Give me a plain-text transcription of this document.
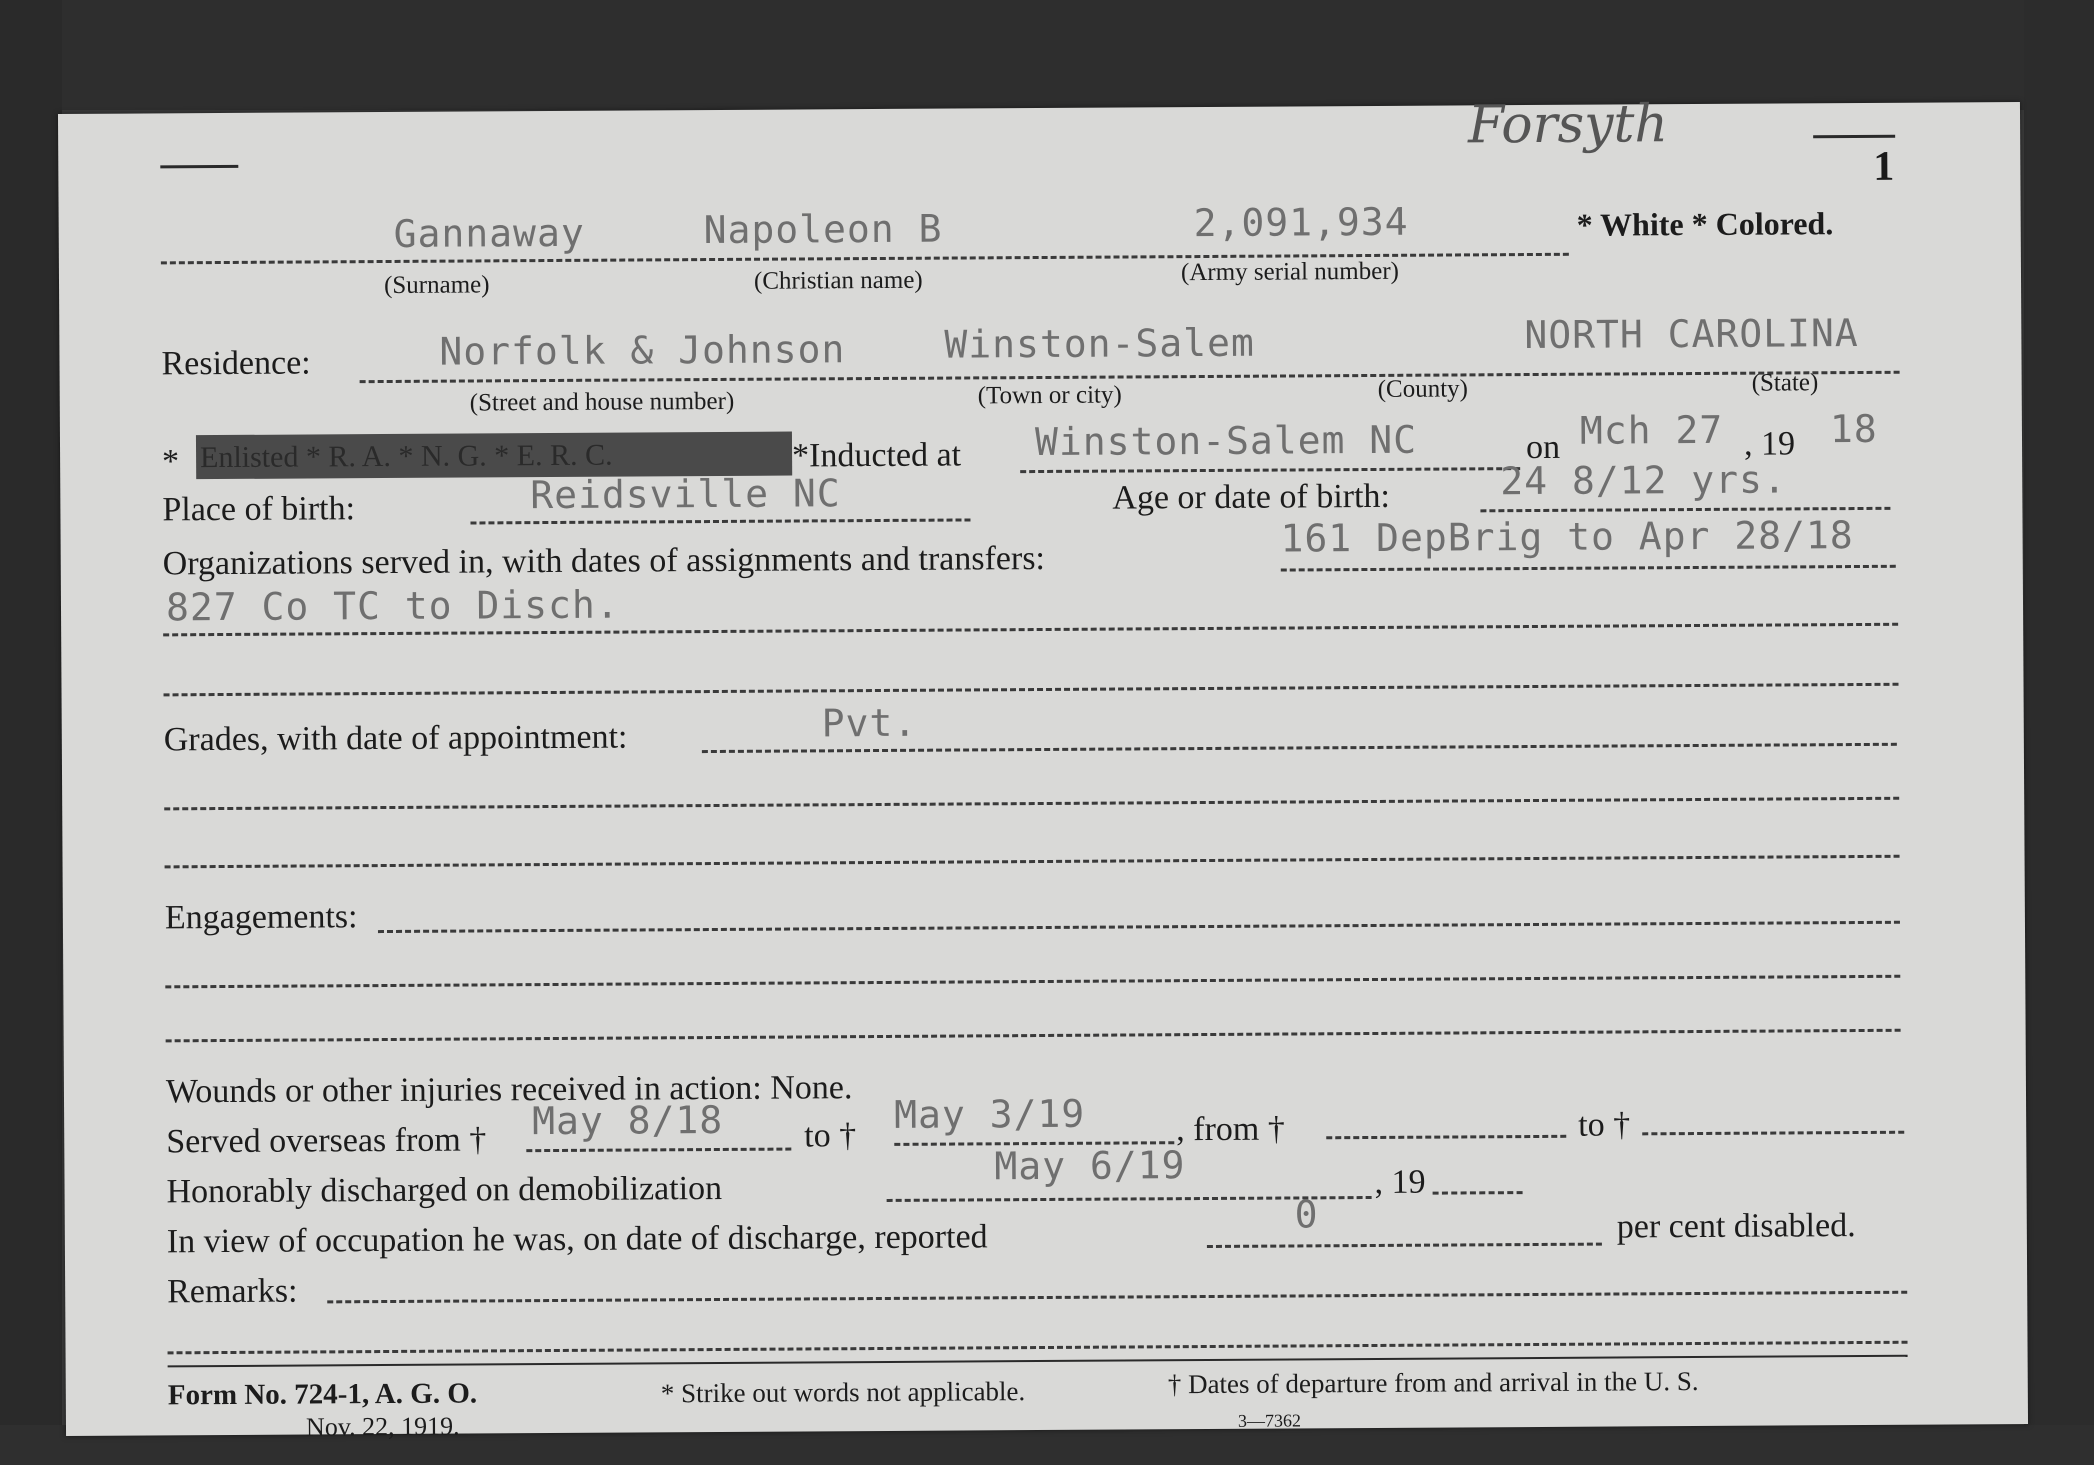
1
Forsyth
Gannaway	Napoleon B	2,091,934	* White * Colored.
(Surname)	(Christian name)	(Army serial number)
Residence:	Norfolk & Johnson	Winston-Salem	NORTH CAROLINA
(Street and house number)	(Town or city)	(County)	(State)
* Enlisted * R. A. * N. G. * E. R. C.	*Inducted at Winston-Salem NC	on Mch 27 , 19 18
Place of birth:	Reidsville NC	Age or date of birth:	24 8/12 yrs.
Organizations served in, with dates of assignments and transfers:
161 DepBrig to Apr 28/18
827 Co TC to Disch.
Grades, with date of appointment:	Pvt.
Engagements:
Wounds or other injuries received in action: None.
Served overseas from † May 8/18 to † May 3/19	, from †	to †
Honorably discharged on demobilization
May 6/19	, 19
In view of occupation he was, on date of discharge, reported
0	per cent disabled.
Remarks:
Form No. 724-1, A. G. O.
Nov. 22, 1919.
* Strike out words not applicable.	† Dates of departure from and arrival in the U. S.
3—7362
